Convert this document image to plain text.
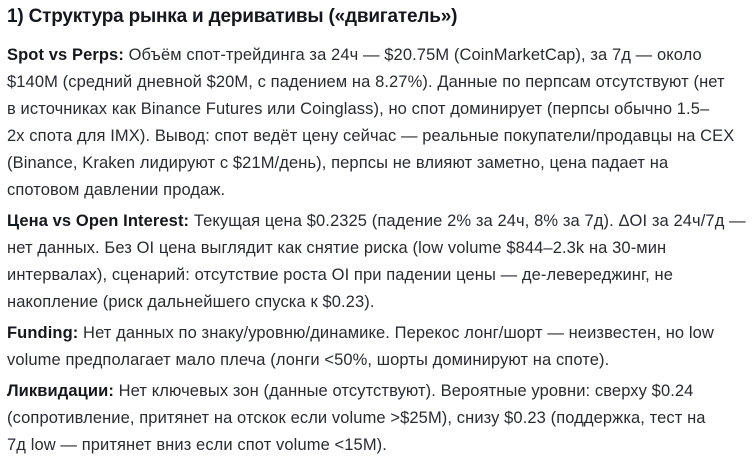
1) Структура рынка и деривативы («двигатель»)

Spot vs Perps: Объём спот-трейдинга за 24ч — $20.75M (CoinMarketCap), за 7д — около
$140M (средний дневной $20M, с падением на 8.27%). Данные по перпсам отсутствуют (нет
в источниках как Binance Futures или Coinglass), но спот доминирует (перпсы обычно 1.5–
2x спота для IMX). Вывод: спот ведёт цену сейчас — реальные покупатели/продавцы на CEX
(Binance, Kraken лидируют с $21M/день), перпсы не влияют заметно, цена падает на
спотовом давлении продаж.

Цена vs Open Interest: Текущая цена $0.2325 (падение 2% за 24ч, 8% за 7д). ΔOI за 24ч/7д —
нет данных. Без OI цена выглядит как снятие риска (low volume $844–2.3k на 30-мин
интервалах), сценарий: отсутствие роста OI при падении цены — де-левереджинг, не
накопление (риск дальнейшего спуска к $0.23).

Funding: Нет данных по знаку/уровню/динамике. Перекос лонг/шорт — неизвестен, но low
volume предполагает мало плеча (лонги <50%, шорты доминируют на споте).

Ликвидации: Нет ключевых зон (данные отсутствуют). Вероятные уровни: сверху $0.24
(сопротивление, притянет на отскок если volume >$25M), снизу $0.23 (поддержка, тест на
7д low — притянет вниз если спот volume <15M).
